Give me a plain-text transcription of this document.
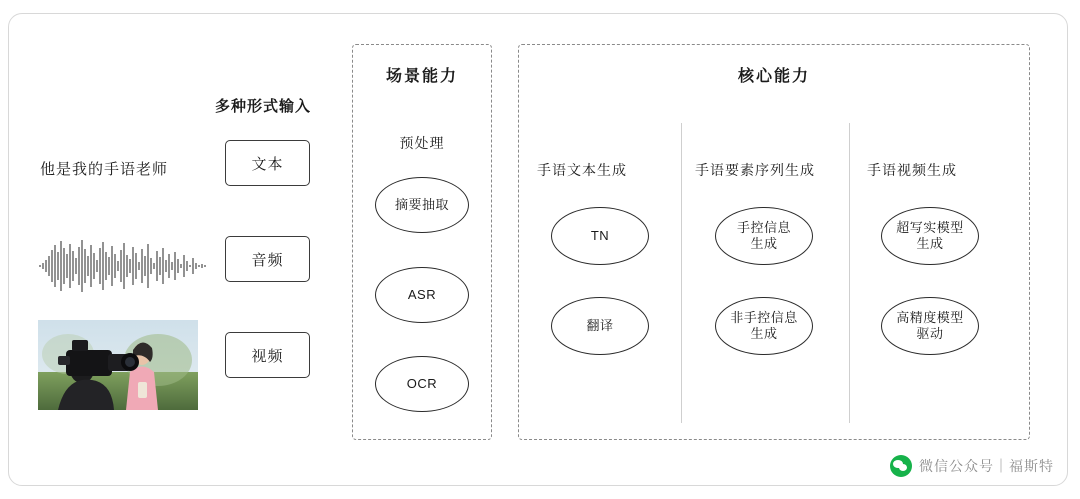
多种形式输入
他是我的手语老师	文本
音频
视频
场景能力
预处理
摘要抽取
ASR
OCR
核心能力
手语文本生成
TN
翻译
手语要素序列生成
手控信息
生成
非手控信息
生成
手语视频生成
超写实模型
生成
高精度模型
驱动
微信公众号｜福斯特
